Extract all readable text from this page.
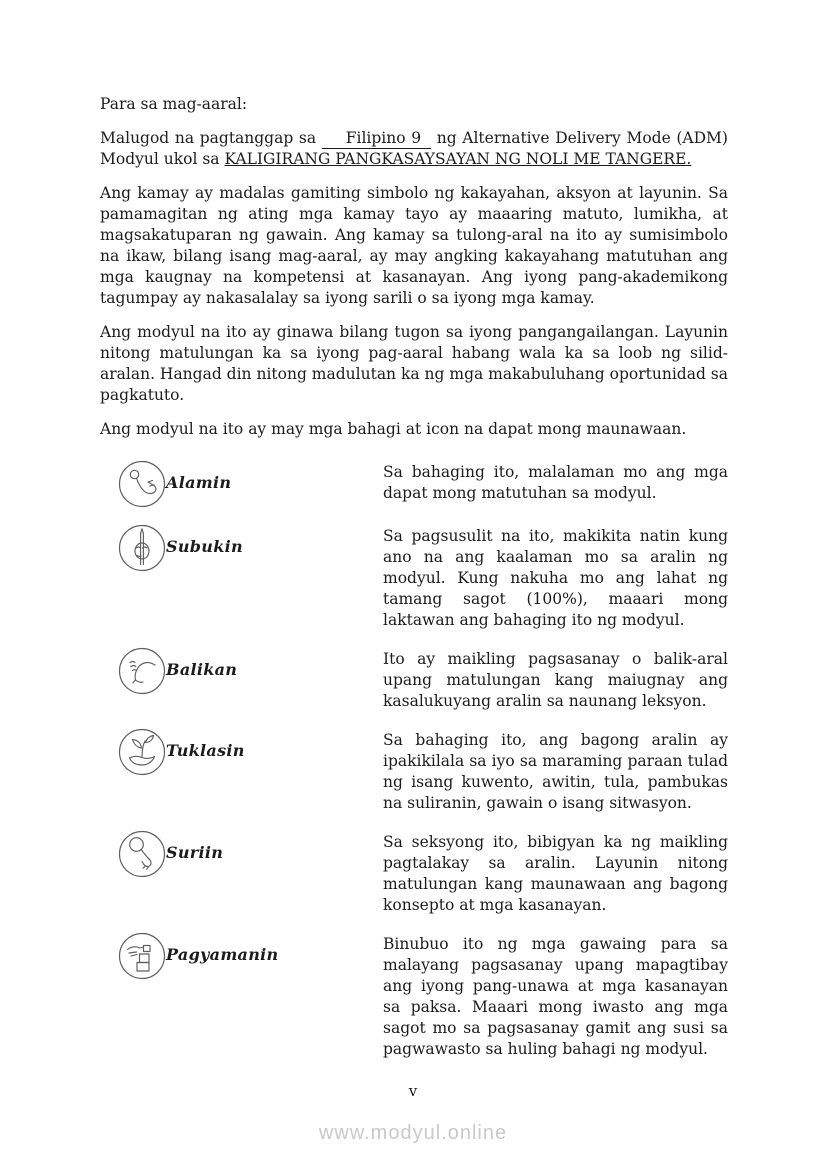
Para sa mag-aaral:

Malugod na pagtanggap sa Filipino 9 ng Alternative Delivery Mode (ADM) Modyul ukol sa KALIGIRANG PANGKASAYSAYAN NG NOLI ME TANGERE.

Ang kamay ay madalas gamiting simbolo ng kakayahan, aksyon at layunin. Sa pamamagitan ng ating mga kamay tayo ay maaaring matuto, lumikha, at magsakatuparan ng gawain. Ang kamay sa tulong-aral na ito ay sumisimbolo na ikaw, bilang isang mag-aaral, ay may angking kakayahang matutuhan ang mga kaugnay na kompetensi at kasanayan. Ang iyong pang-akademikong tagumpay ay nakasalalay sa iyong sarili o sa iyong mga kamay.

Ang modyul na ito ay ginawa bilang tugon sa iyong pangangailangan. Layunin nitong matulungan ka sa iyong pag-aaral habang wala ka sa loob ng silid-aralan. Hangad din nitong madulutan ka ng mga makabuluhang oportunidad sa pagkatuto.

Ang modyul na ito ay may mga bahagi at icon na dapat mong maunawaan.

Alamin
Sa bahaging ito, malalaman mo ang mga dapat mong matutuhan sa modyul.
Subukin
Sa pagsusulit na ito, makikita natin kung ano na ang kaalaman mo sa aralin ng modyul. Kung nakuha mo ang lahat ng tamang sagot (100%), maaari mong laktawan ang bahaging ito ng modyul.
Balikan
Ito ay maikling pagsasanay o balik-aral upang matulungan kang maiugnay ang kasalukuyang aralin sa naunang leksyon.
Tuklasin
Sa bahaging ito, ang bagong aralin ay ipakikilala sa iyo sa maraming paraan tulad ng isang kuwento, awitin, tula, pambukas na suliranin, gawain o isang sitwasyon.
Suriin
Sa seksyong ito, bibigyan ka ng maikling pagtalakay sa aralin. Layunin nitong matulungan kang maunawaan ang bagong konsepto at mga kasanayan.
Pagyamanin
Binubuo ito ng mga gawaing para sa malayang pagsasanay upang mapagtibay ang iyong pang-unawa at mga kasanayan sa paksa. Maaari mong iwasto ang mga sagot mo sa pagsasanay gamit ang susi sa pagwawasto sa huling bahagi ng modyul.
v
www.modyul.online
